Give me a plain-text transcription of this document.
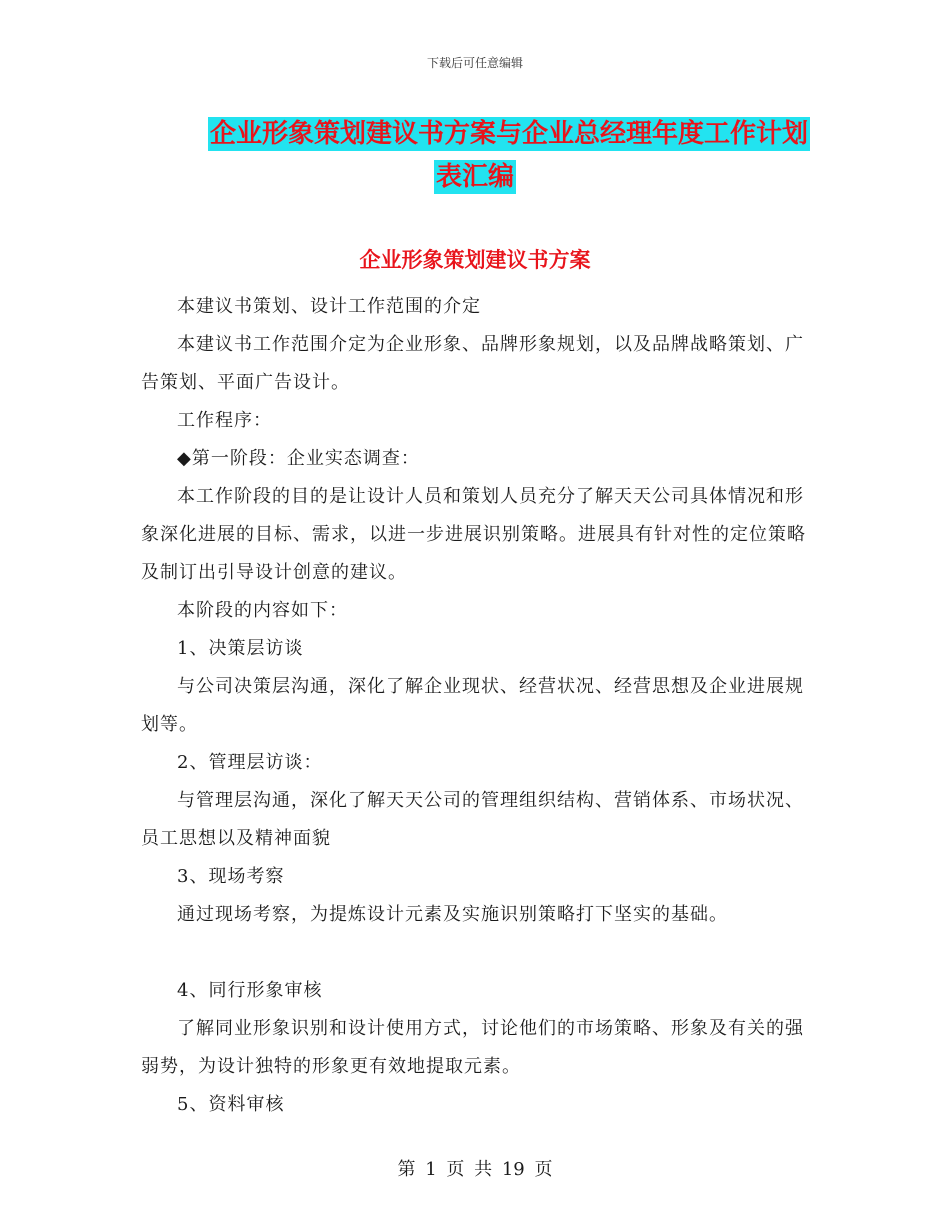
下载后可任意编辑
企业形象策划建议书方案与企业总经理年度工作计划
表汇编
企业形象策划建议书方案

本建议书策划、设计工作范围的介定

本建议书工作范围介定为企业形象、品牌形象规划，以及品牌战略策划、广告策划、平面广告设计。

工作程序：

◆第一阶段：企业实态调查：

本工作阶段的目的是让设计人员和策划人员充分了解天天公司具体情况和形象深化进展的目标、需求，以进一步进展识别策略。进展具有针对性的定位策略及制订出引导设计创意的建议。

本阶段的内容如下：

1、决策层访谈

与公司决策层沟通，深化了解企业现状、经营状况、经营思想及企业进展规划等。

2、管理层访谈：

与管理层沟通，深化了解天天公司的管理组织结构、营销体系、市场状况、员工思想以及精神面貌

3、现场考察

通过现场考察，为提炼设计元素及实施识别策略打下坚实的基础。

4、同行形象审核

了解同业形象识别和设计使用方式，讨论他们的市场策略、形象及有关的强弱势，为设计独特的形象更有效地提取元素。

5、资料审核

第 1 页 共 19 页
